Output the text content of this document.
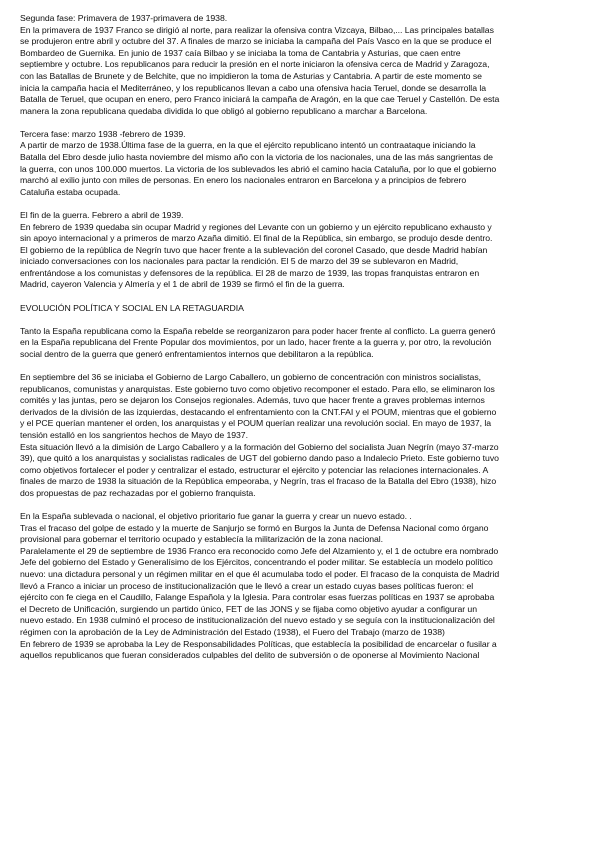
Segunda fase: Primavera de 1937-primavera de 1938.
En la primavera de 1937 Franco se dirigió al norte, para realizar la ofensiva contra Vizcaya, Bilbao,... Las principales batallas
se produjeron entre abril y octubre del 37. A finales de marzo se iniciaba la campaña del País Vasco en la que se produce el
Bombardeo de Guernika. En junio de 1937 caía Bilbao y se iniciaba la toma de Cantabria y Asturias, que caen entre
septiembre y octubre. Los republicanos para reducir la presión en el norte iniciaron la ofensiva cerca de Madrid y Zaragoza,
con las Batallas de Brunete y de Belchite, que no impidieron la toma de Asturias y Cantabria. A partir de este momento se
inicia la campaña hacia el Mediterráneo, y los republicanos llevan a cabo una ofensiva hacia Teruel, donde se desarrolla la
Batalla de Teruel, que ocupan en enero, pero Franco iniciará la campaña de Aragón, en la que cae Teruel y Castellón. De esta
manera la zona republicana quedaba dividida lo que obligó al gobierno republicano a marchar a Barcelona.
Tercera fase: marzo 1938 -febrero de 1939.
A partir de marzo de 1938.Última fase de la guerra, en la que el ejército republicano intentó un contraataque iniciando la
Batalla del Ebro desde julio hasta noviembre del mismo año con la victoria de los nacionales, una de las más sangrientas de
la guerra, con unos 100.000 muertos. La victoria de los sublevados les abrió el camino hacia Cataluña, por lo que el gobierno
marchó al exilio junto con miles de personas. En enero los nacionales entraron en Barcelona y a principios de febrero
Cataluña estaba ocupada.
El fin de la guerra. Febrero a abril de 1939.
En febrero de 1939 quedaba sin ocupar Madrid y regiones del Levante con un gobierno y un ejército republicano exhausto y
sin apoyo internacional y a primeros de marzo Azaña dimitió. El final de la República, sin embargo, se produjo desde dentro.
El gobierno de la república de Negrín tuvo que hacer frente a la sublevación del coronel Casado, que desde Madrid habían
iniciado conversaciones con los nacionales para pactar la rendición. El 5 de marzo del 39 se sublevaron en Madrid,
enfrentándose a los comunistas y defensores de la república. El 28 de marzo de 1939, las tropas franquistas entraron en
Madrid, cayeron Valencia y Almería y el 1 de abril de 1939 se firmó el fin de la guerra.
EVOLUCIÓN POLÍTICA Y SOCIAL EN LA RETAGUARDIA
Tanto la España republicana como la España rebelde se reorganizaron para poder hacer frente al conflicto. La guerra generó
en la España republicana del Frente Popular dos movimientos, por un lado, hacer frente a la guerra y, por otro, la revolución
social dentro de la guerra que generó enfrentamientos internos que debilitaron a la república.
En septiembre del 36 se iniciaba el Gobierno de Largo Caballero, un gobierno de concentración con ministros socialistas,
republicanos, comunistas y anarquistas. Este gobierno tuvo como objetivo recomponer el estado. Para ello, se eliminaron los
comités y las juntas, pero se dejaron los Consejos regionales. Además, tuvo que hacer frente a graves problemas internos
derivados de la división de las izquierdas, destacando el enfrentamiento con la CNT.FAI y el POUM, mientras que el gobierno
y el PCE querían mantener el orden, los anarquistas y el POUM querían realizar una revolución social. En mayo de 1937, la
tensión estalló en los sangrientos hechos de Mayo de 1937.
Esta situación llevó a la dimisión de Largo Caballero y a la formación del Gobierno del socialista Juan Negrín (mayo 37-marzo
39), que quitó a los anarquistas y socialistas radicales de UGT del gobierno dando paso a Indalecio Prieto. Este gobierno tuvo
como objetivos fortalecer el poder y centralizar el estado, estructurar el ejército y potenciar las relaciones internacionales. A
finales de marzo de 1938 la situación de la República empeoraba, y Negrín, tras el fracaso de la Batalla del Ebro (1938), hizo
dos propuestas de paz rechazadas por el gobierno franquista.
En la España sublevada o nacional, el objetivo prioritario fue ganar la guerra y crear un nuevo estado. .
Tras el fracaso del golpe de estado y la muerte de Sanjurjo se formó en Burgos la Junta de Defensa Nacional como órgano
provisional para gobernar el territorio ocupado y establecía la militarización de la zona nacional.
Paralelamente el 29 de septiembre de 1936 Franco era reconocido como Jefe del Alzamiento y, el 1 de octubre era nombrado
Jefe del gobierno del Estado y Generalísimo de los Ejércitos, concentrando el poder militar. Se establecía un modelo político
nuevo: una dictadura personal y un régimen militar en el que él acumulaba todo el poder. El fracaso de la conquista de Madrid
llevó a Franco a iniciar un proceso de institucionalización que le llevó a crear un estado cuyas bases políticas fueron: el
ejército con fe ciega en el Caudillo, Falange Española y la Iglesia. Para controlar esas fuerzas políticas en 1937 se aprobaba
el Decreto de Unificación, surgiendo un partido único, FET de las JONS y se fijaba como objetivo ayudar a configurar un
nuevo estado. En 1938 culminó el proceso de institucionalización del nuevo estado y se seguía con la institucionalización del
régimen con la aprobación de la Ley de Administración del Estado (1938), el Fuero del Trabajo (marzo de 1938)
En febrero de 1939 se aprobaba la Ley de Responsabilidades Políticas, que establecía la posibilidad de encarcelar o fusilar a
aquellos republicanos que fueran considerados culpables del delito de subversión o de oponerse al Movimiento Nacional
